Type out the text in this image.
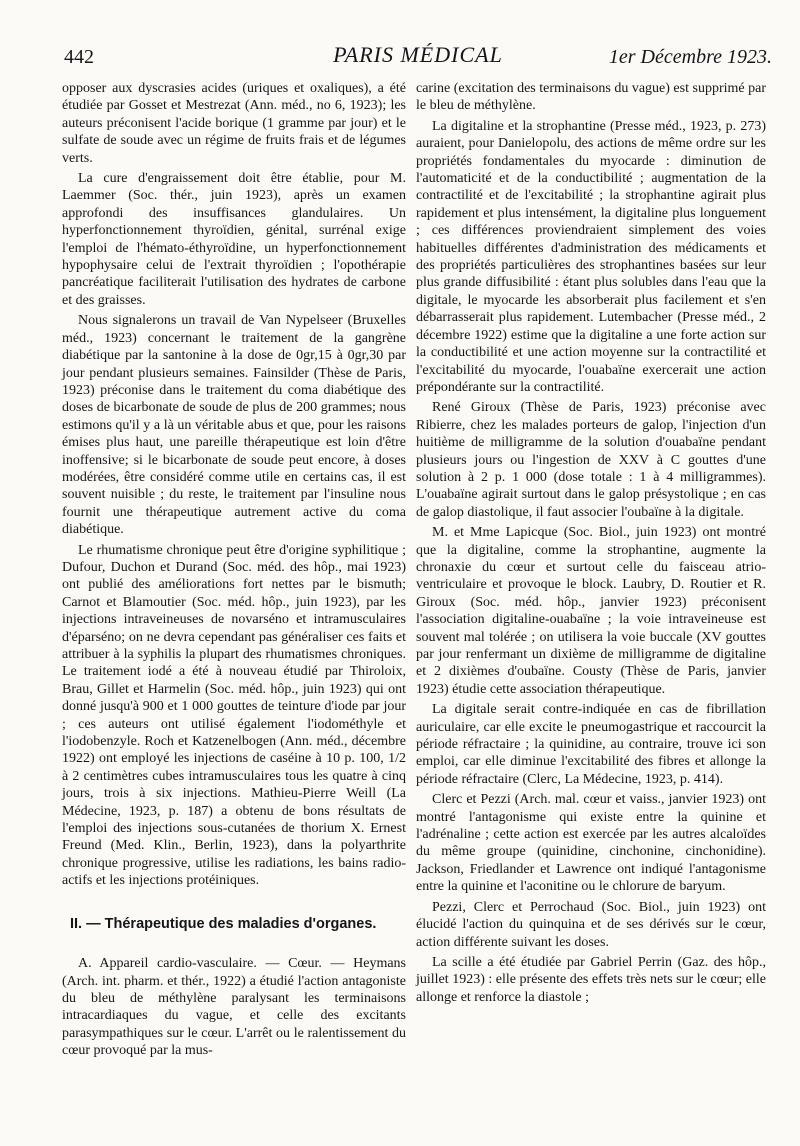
442	PARIS MÉDICAL	1er Décembre 1923.

opposer aux dyscrasies acides (uriques et oxaliques), a été étudiée par Gosset et Mestrezat (Ann. méd., no 6, 1923); les auteurs préconisent l'acide borique (1 gramme par jour) et le sulfate de soude avec un régime de fruits frais et de légumes verts.

La cure d'engraissement doit être établie, pour M. Laemmer (Soc. thér., juin 1923), après un examen approfondi des insuffisances glandulaires. Un hyperfonctionnement thyroïdien, génital, surrénal exige l'emploi de l'hémato-éthyroïdine, un hyperfonctionnement hypophysaire celui de l'extrait thyroïdien ; l'opothérapie pancréatique faciliterait l'utilisation des hydrates de carbone et des graisses.

Nous signalerons un travail de Van Nypelseer (Bruxelles méd., 1923) concernant le traitement de la gangrène diabétique par la santonine à la dose de 0gr,15 à 0gr,30 par jour pendant plusieurs semaines. Fainsilder (Thèse de Paris, 1923) préconise dans le traitement du coma diabétique des doses de bicarbonate de soude de plus de 200 grammes; nous estimons qu'il y a là un véritable abus et que, pour les raisons émises plus haut, une pareille thérapeutique est loin d'être inoffensive; si le bicarbonate de soude peut encore, à doses modérées, être considéré comme utile en certains cas, il est souvent nuisible ; du reste, le traitement par l'insuline nous fournit une thérapeutique autrement active du coma diabétique.

Le rhumatisme chronique peut être d'origine syphilitique ; Dufour, Duchon et Durand (Soc. méd. des hôp., mai 1923) ont publié des améliorations fort nettes par le bismuth; Carnot et Blamoutier (Soc. méd. hôp., juin 1923), par les injections intraveineuses de novarséno et intramusculaires d'éparséno; on ne devra cependant pas généraliser ces faits et attribuer à la syphilis la plupart des rhumatismes chroniques. Le traitement iodé a été à nouveau étudié par Thiroloix, Brau, Gillet et Harmelin (Soc. méd. hôp., juin 1923) qui ont donné jusqu'à 900 et 1 000 gouttes de teinture d'iode par jour ; ces auteurs ont utilisé également l'iodométhyle et l'iodobenzyle. Roch et Katzenelbogen (Ann. méd., décembre 1922) ont employé les injections de caséine à 10 p. 100, 1/2 à 2 centimètres cubes intramusculaires tous les quatre à cinq jours, trois à six injections. Mathieu-Pierre Weill (La Médecine, 1923, p. 187) a obtenu de bons résultats de l'emploi des injections sous-cutanées de thorium X. Ernest Freund (Med. Klin., Berlin, 1923), dans la polyarthrite chronique progressive, utilise les radiations, les bains radio-actifs et les injections protéiniques.

II. — Thérapeutique des maladies d'organes.

A. Appareil cardio-vasculaire. — Cœur. — Heymans (Arch. int. pharm. et thér., 1922) a étudié l'action antagoniste du bleu de méthylène paralysant les terminaisons intracardiaques du vague, et celle des excitants parasympathiques sur le cœur. L'arrêt ou le ralentissement du cœur provoqué par la mus-

carine (excitation des terminaisons du vague) est supprimé par le bleu de méthylène.

La digitaline et la strophantine (Presse méd., 1923, p. 273) auraient, pour Danielopolu, des actions de même ordre sur les propriétés fondamentales du myocarde : diminution de l'automaticité et de la conductibilité ; augmentation de la contractilité et de l'excitabilité ; la strophantine agirait plus rapidement et plus intensément, la digitaline plus longuement ; ces différences proviendraient simplement des voies habituelles différentes d'administration des médicaments et des propriétés particulières des strophantines basées sur leur plus grande diffusibilité : étant plus solubles dans l'eau que la digitale, le myocarde les absorberait plus facilement et s'en débarrasserait plus rapidement. Lutembacher (Presse méd., 2 décembre 1922) estime que la digitaline a une forte action sur la conductibilité et une action moyenne sur la contractilité et l'excitabilité du myocarde, l'ouabaïne exercerait une action prépondérante sur la contractilité.

René Giroux (Thèse de Paris, 1923) préconise avec Ribierre, chez les malades porteurs de galop, l'injection d'un huitième de milligramme de la solution d'ouabaïne pendant plusieurs jours ou l'ingestion de XXV à C gouttes d'une solution à 2 p. 1 000 (dose totale : 1 à 4 milligrammes). L'ouabaïne agirait surtout dans le galop présystolique ; en cas de galop diastolique, il faut associer l'oubaïne à la digitale.

M. et Mme Lapicque (Soc. Biol., juin 1923) ont montré que la digitaline, comme la strophantine, augmente la chronaxie du cœur et surtout celle du faisceau atrio-ventriculaire et provoque le block. Laubry, D. Routier et R. Giroux (Soc. méd. hôp., janvier 1923) préconisent l'association digitaline-ouabaïne ; la voie intraveineuse est souvent mal tolérée ; on utilisera la voie buccale (XV gouttes par jour renfermant un dixième de milligramme de digitaline et 2 dixièmes d'oubaïne. Cousty (Thèse de Paris, janvier 1923) étudie cette association thérapeutique.

La digitale serait contre-indiquée en cas de fibrillation auriculaire, car elle excite le pneumogastrique et raccourcit la période réfractaire ; la quinidine, au contraire, trouve ici son emploi, car elle diminue l'excitabilité des fibres et allonge la période réfractaire (Clerc, La Médecine, 1923, p. 414).

Clerc et Pezzi (Arch. mal. cœur et vaiss., janvier 1923) ont montré l'antagonisme qui existe entre la quinine et l'adrénaline ; cette action est exercée par les autres alcaloïdes du même groupe (quinidine, cinchonine, cinchonidine). Jackson, Friedlander et Lawrence ont indiqué l'antagonisme entre la quinine et l'aconitine ou le chlorure de baryum.

Pezzi, Clerc et Perrochaud (Soc. Biol., juin 1923) ont élucidé l'action du quinquina et de ses dérivés sur le cœur, action différente suivant les doses.

La scille a été étudiée par Gabriel Perrin (Gaz. des hôp., juillet 1923) : elle présente des effets très nets sur le cœur; elle allonge et renforce la diastole ;
